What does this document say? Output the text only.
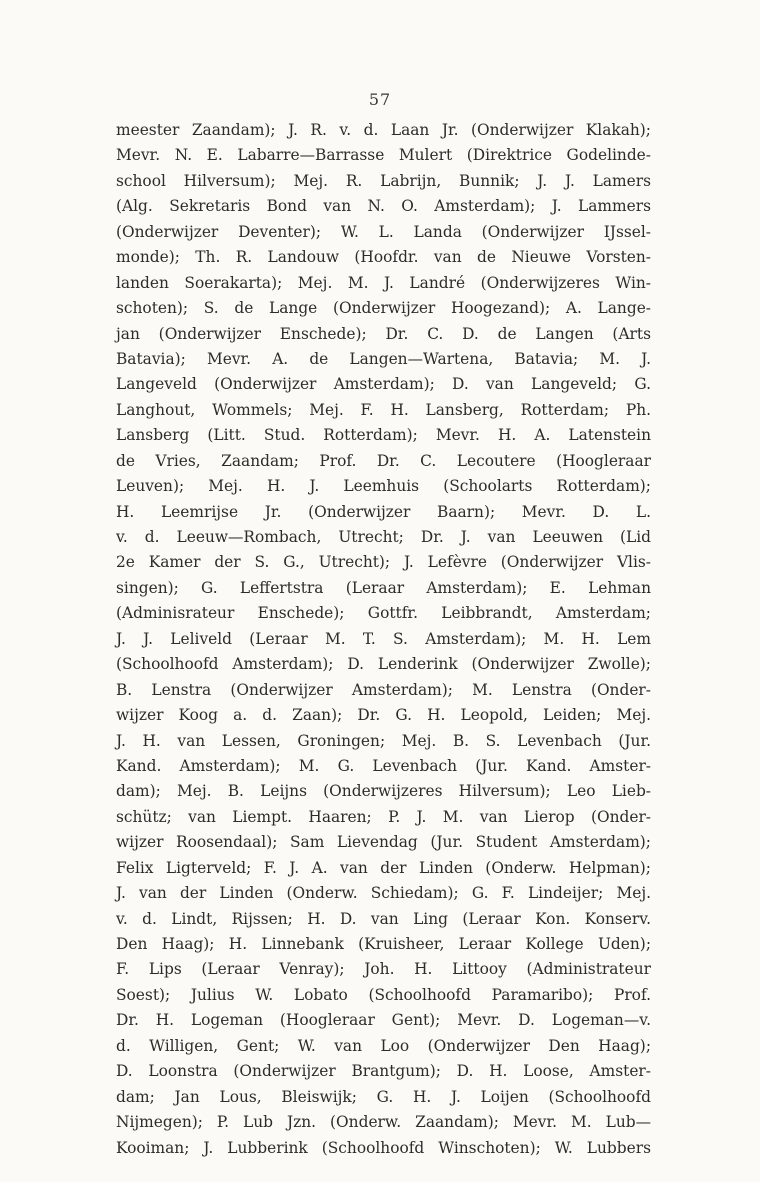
57
meester Zaandam); J. R. v. d. Laan Jr. (Onderwijzer Klakah);
Mevr. N. E. Labarre—Barrasse Mulert (Direktrice Godelinde-
school Hilversum); Mej. R. Labrijn, Bunnik; J. J. Lamers
(Alg. Sekretaris Bond van N. O. Amsterdam); J. Lammers
(Onderwijzer Deventer); W. L. Landa (Onderwijzer IJssel-
monde); Th. R. Landouw (Hoofdr. van de Nieuwe Vorsten-
landen Soerakarta); Mej. M. J. Landré (Onderwijzeres Win-
schoten); S. de Lange (Onderwijzer Hoogezand); A. Lange-
jan (Onderwijzer Enschede); Dr. C. D. de Langen (Arts
Batavia); Mevr. A. de Langen—Wartena, Batavia; M. J.
Langeveld (Onderwijzer Amsterdam); D. van Langeveld; G.
Langhout, Wommels; Mej. F. H. Lansberg, Rotterdam; Ph.
Lansberg (Litt. Stud. Rotterdam); Mevr. H. A. Latenstein
de Vries, Zaandam; Prof. Dr. C. Lecoutere (Hoogleraar
Leuven); Mej. H. J. Leemhuis (Schoolarts Rotterdam);
H. Leemrijse Jr. (Onderwijzer Baarn); Mevr. D. L.
v. d. Leeuw—Rombach, Utrecht; Dr. J. van Leeuwen (Lid
2e Kamer der S. G., Utrecht); J. Lefèvre (Onderwijzer Vlis-
singen); G. Leffertstra (Leraar Amsterdam); E. Lehman
(Adminisrateur Enschede); Gottfr. Leibbrandt, Amsterdam;
J. J. Leliveld (Leraar M. T. S. Amsterdam); M. H. Lem
(Schoolhoofd Amsterdam); D. Lenderink (Onderwijzer Zwolle);
B. Lenstra (Onderwijzer Amsterdam); M. Lenstra (Onder-
wijzer Koog a. d. Zaan); Dr. G. H. Leopold, Leiden; Mej.
J. H. van Lessen, Groningen; Mej. B. S. Levenbach (Jur.
Kand. Amsterdam); M. G. Levenbach (Jur. Kand. Amster-
dam); Mej. B. Leijns (Onderwijzeres Hilversum); Leo Lieb-
schütz; van Liempt. Haaren; P. J. M. van Lierop (Onder-
wijzer Roosendaal); Sam Lievendag (Jur. Student Amsterdam);
Felix Ligterveld; F. J. A. van der Linden (Onderw. Helpman);
J. van der Linden (Onderw. Schiedam); G. F. Lindeijer; Mej.
v. d. Lindt, Rijssen; H. D. van Ling (Leraar Kon. Konserv.
Den Haag); H. Linnebank (Kruisheer, Leraar Kollege Uden);
F. Lips (Leraar Venray); Joh. H. Littooy (Administrateur
Soest); Julius W. Lobato (Schoolhoofd Paramaribo); Prof.
Dr. H. Logeman (Hoogleraar Gent); Mevr. D. Logeman—v.
d. Willigen, Gent; W. van Loo (Onderwijzer Den Haag);
D. Loonstra (Onderwijzer Brantgum); D. H. Loose, Amster-
dam; Jan Lous, Bleiswijk; G. H. J. Loijen (Schoolhoofd
Nijmegen); P. Lub Jzn. (Onderw. Zaandam); Mevr. M. Lub—
Kooiman; J. Lubberink (Schoolhoofd Winschoten); W. Lubbers
